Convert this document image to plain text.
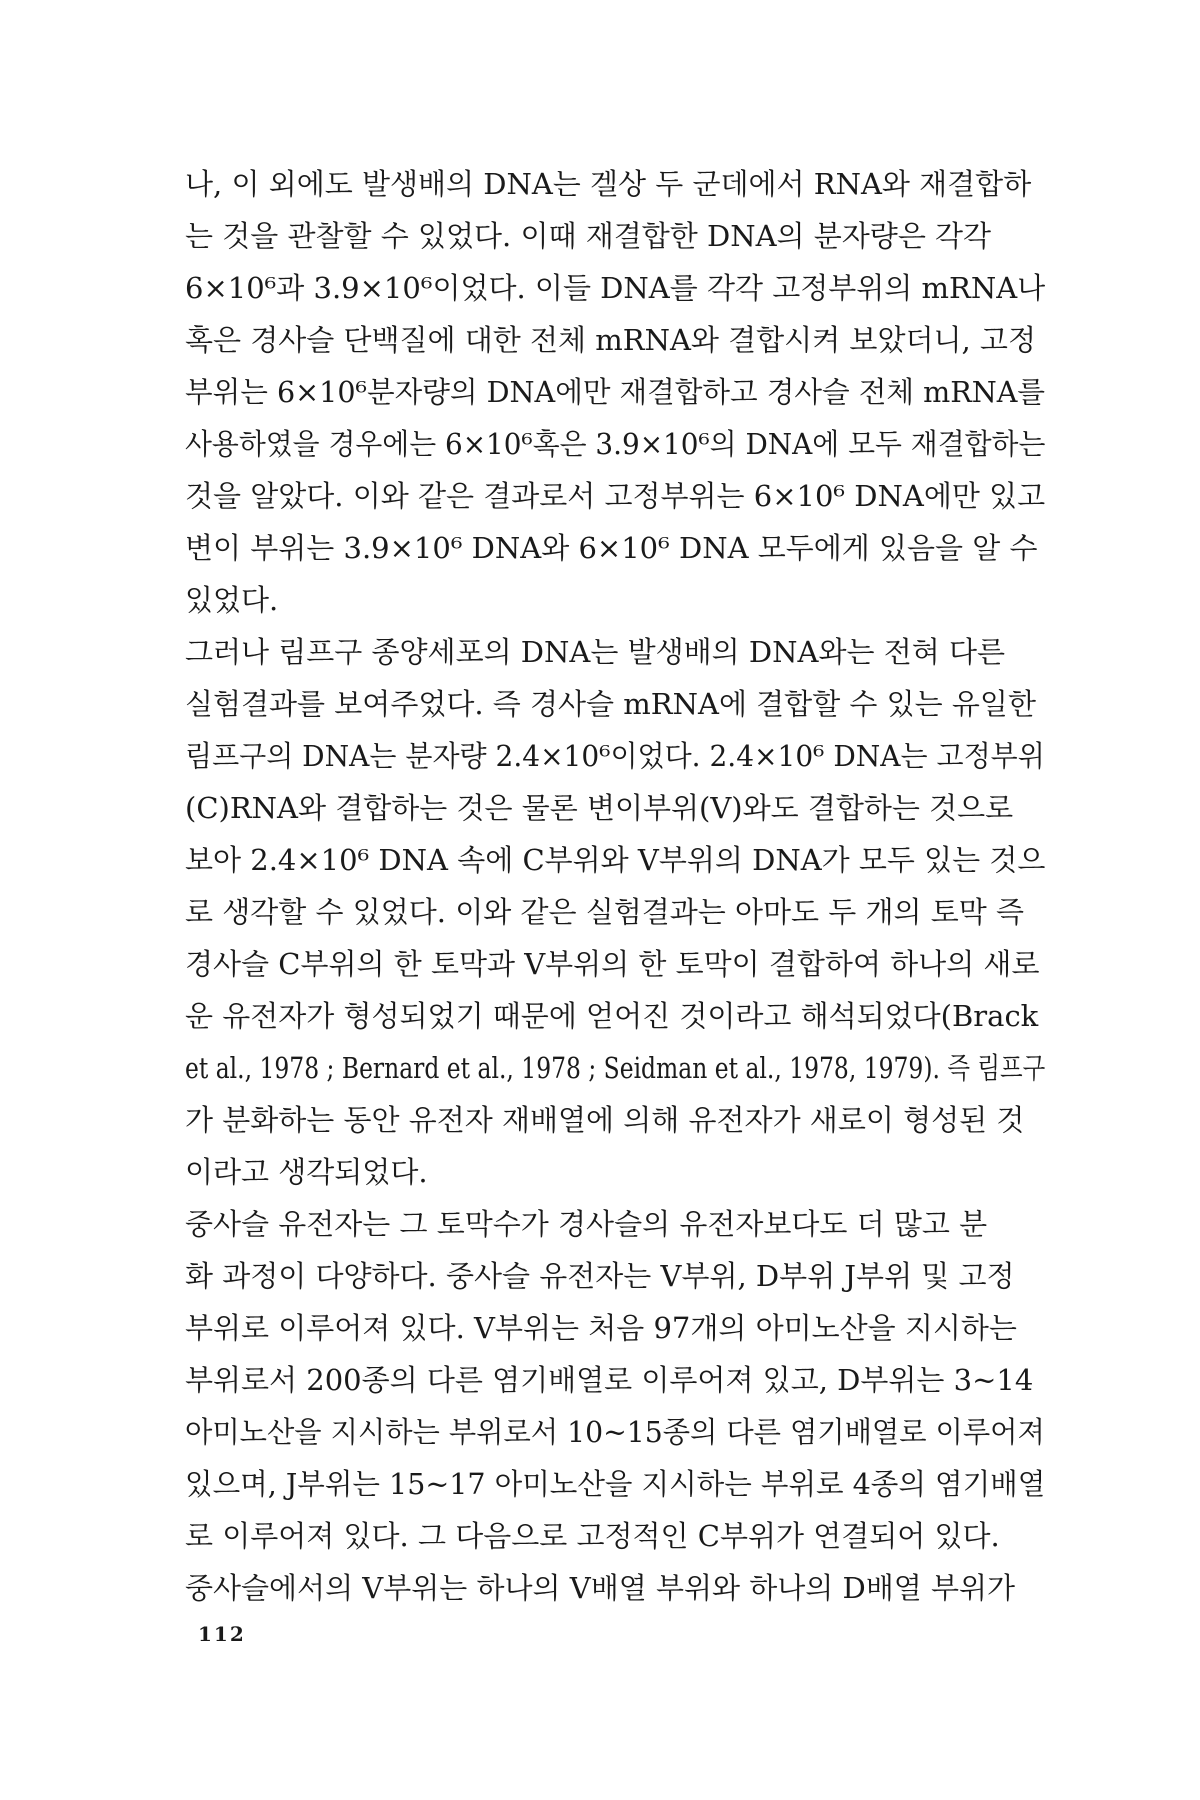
나, 이 외에도 발생배의 DNA는 겔상 두 군데에서 RNA와 재결합하
는 것을 관찰할 수 있었다. 이때 재결합한 DNA의 분자량은 각각
6×10⁶과 3.9×10⁶이었다. 이들 DNA를 각각 고정부위의 mRNA나
혹은 경사슬 단백질에 대한 전체 mRNA와 결합시켜 보았더니, 고정
부위는 6×10⁶분자량의 DNA에만 재결합하고 경사슬 전체 mRNA를
사용하였을 경우에는 6×10⁶혹은 3.9×10⁶의 DNA에 모두 재결합하는
것을 알았다. 이와 같은 결과로서 고정부위는 6×10⁶ DNA에만 있고
변이 부위는 3.9×10⁶ DNA와 6×10⁶ DNA 모두에게 있음을 알 수
있었다.
그러나 림프구 종양세포의 DNA는 발생배의 DNA와는 전혀 다른
실험결과를 보여주었다. 즉 경사슬 mRNA에 결합할 수 있는 유일한
림프구의 DNA는 분자량 2.4×10⁶이었다. 2.4×10⁶ DNA는 고정부위
(C)RNA와 결합하는 것은 물론 변이부위(V)와도 결합하는 것으로
보아 2.4×10⁶ DNA 속에 C부위와 V부위의 DNA가 모두 있는 것으
로 생각할 수 있었다. 이와 같은 실험결과는 아마도 두 개의 토막 즉
경사슬 C부위의 한 토막과 V부위의 한 토막이 결합하여 하나의 새로
운 유전자가 형성되었기 때문에 얻어진 것이라고 해석되었다(Brack
et al., 1978 ; Bernard et al., 1978 ; Seidman et al., 1978, 1979). 즉 림프구
가 분화하는 동안 유전자 재배열에 의해 유전자가 새로이 형성된 것
이라고 생각되었다.
중사슬 유전자는 그 토막수가 경사슬의 유전자보다도 더 많고 분
화 과정이 다양하다. 중사슬 유전자는 V부위, D부위 J부위 및 고정
부위로 이루어져 있다. V부위는 처음 97개의 아미노산을 지시하는
부위로서 200종의 다른 염기배열로 이루어져 있고, D부위는 3~14
아미노산을 지시하는 부위로서 10~15종의 다른 염기배열로 이루어져
있으며, J부위는 15~17 아미노산을 지시하는 부위로 4종의 염기배열
로 이루어져 있다. 그 다음으로 고정적인 C부위가 연결되어 있다.
중사슬에서의 V부위는 하나의 V배열 부위와 하나의 D배열 부위가
112
